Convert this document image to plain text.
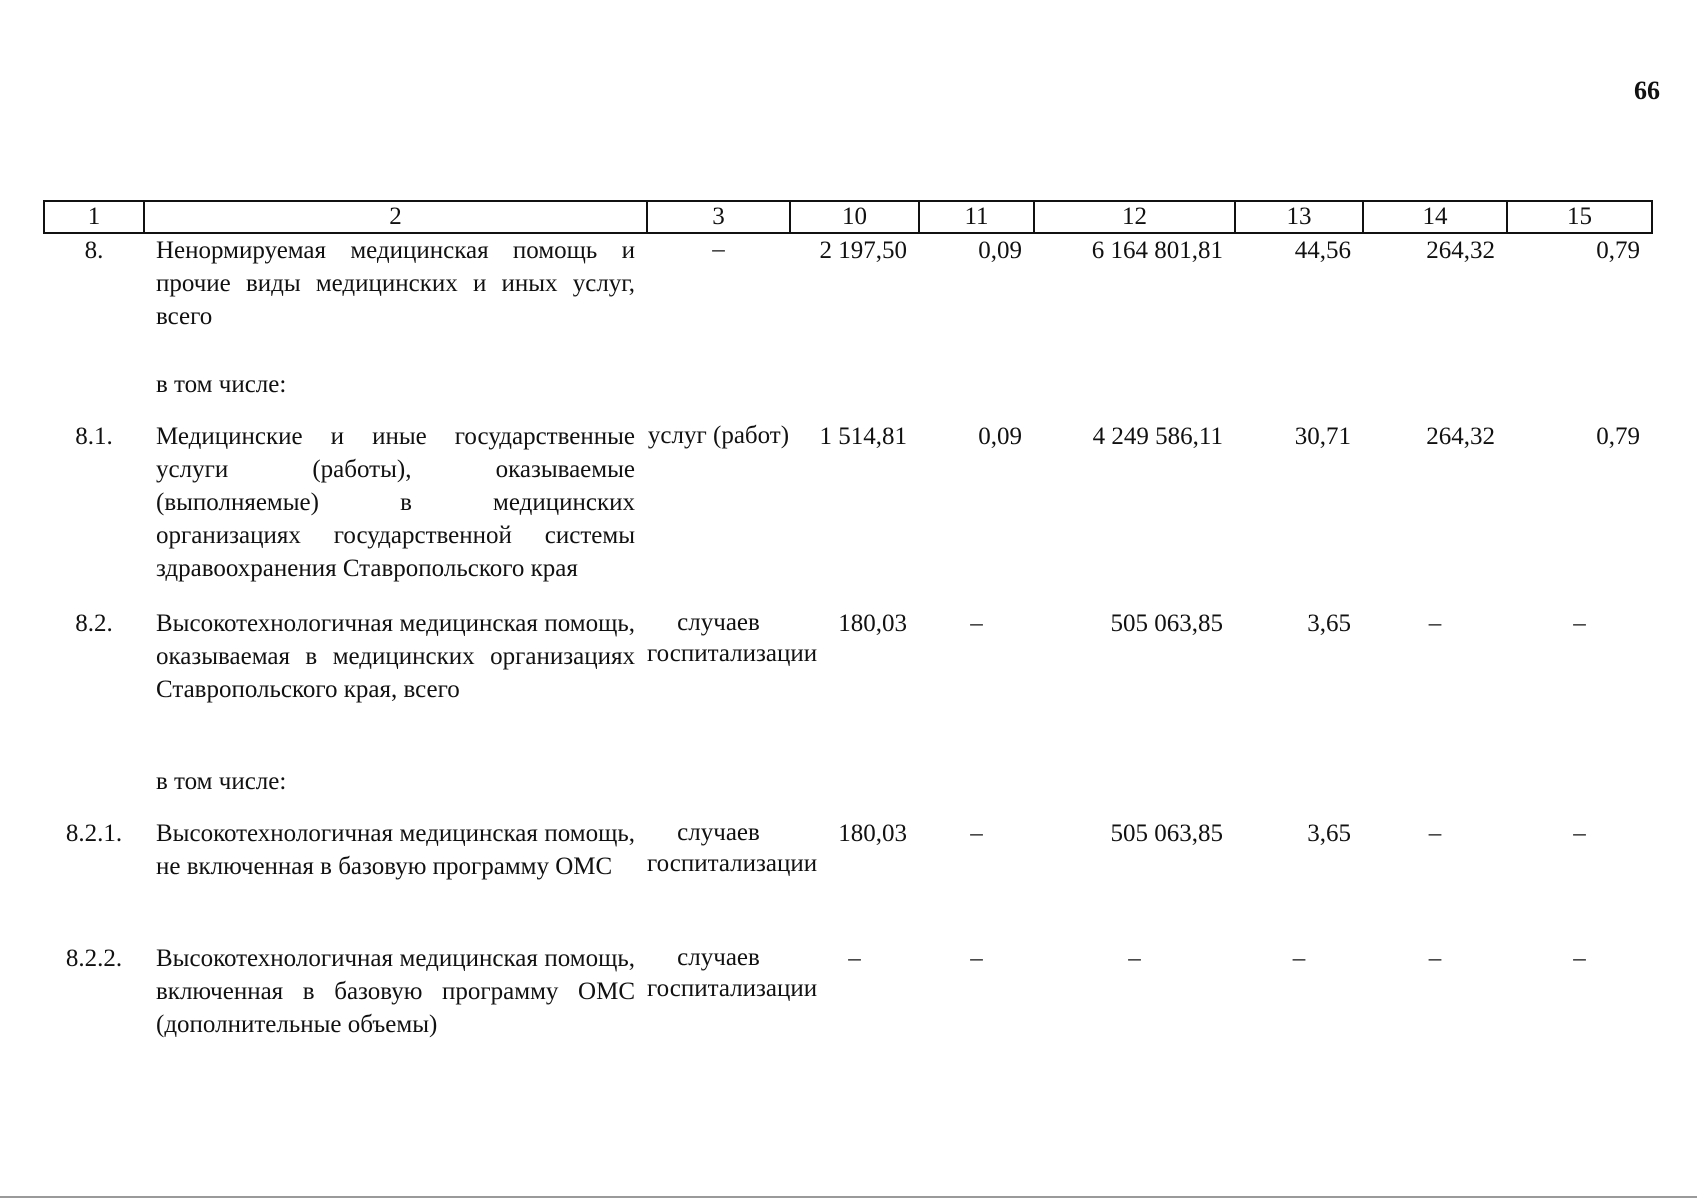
66
1	2	3	10	11	12	13	14	15
8.	Ненормируемая медицинская помощь и прочие виды медицинских и иных услуг, всего	–	2 197,50	0,09	6 164 801,81	44,56	264,32	0,79
	в том числе:							
8.1.	Медицинские и иные государственные услуги (работы), оказываемые (выполняемые) в медицинских организациях государственной системы здравоохранения Ставропольского края	услуг (работ)	1 514,81	0,09	4 249 586,11	30,71	264,32	0,79
8.2.	Высокотехнологичная медицинская помощь, оказываемая в медицинских организациях Ставропольского края, всего	случаев госпитализации	180,03	–	505 063,85	3,65	–	–
	в том числе:							
8.2.1.	Высокотехнологичная медицинская помощь, не включенная в базовую программу ОМС	случаев госпитализации	180,03	–	505 063,85	3,65	–	–
8.2.2.	Высокотехнологичная медицинская помощь, включенная в базовую программу ОМС (дополнительные объемы)	случаев госпитализации	–	–	–	–	–	–
